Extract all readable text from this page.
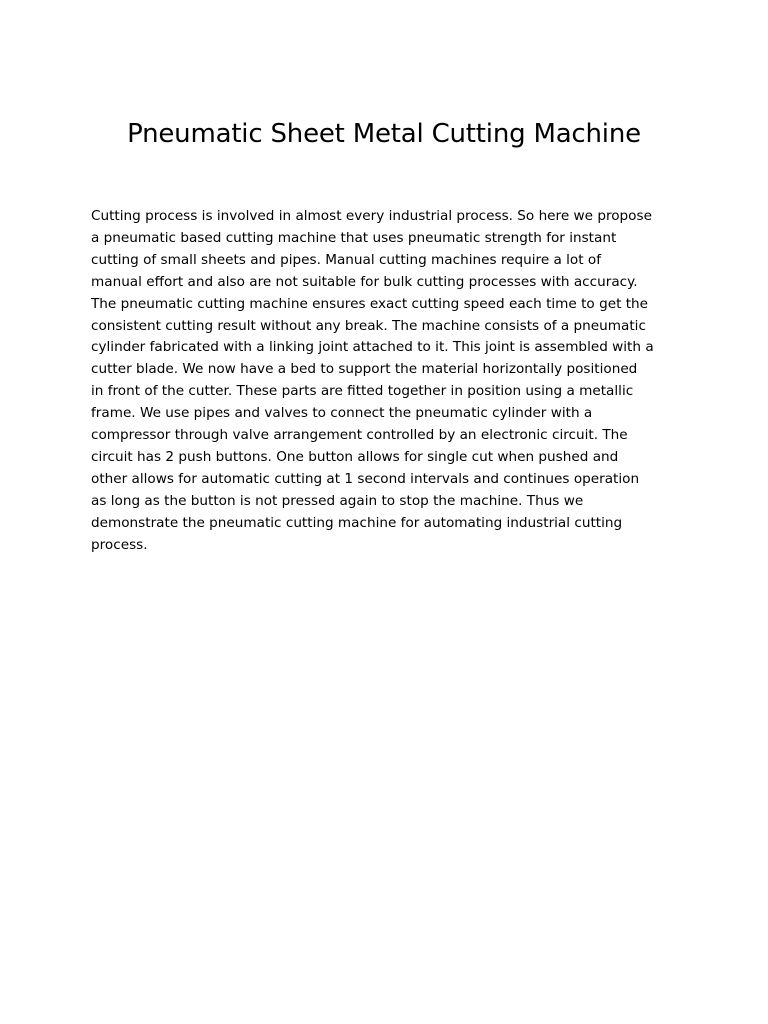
Pneumatic Sheet Metal Cutting Machine

Cutting process is involved in almost every industrial process. So here we propose
a pneumatic based cutting machine that uses pneumatic strength for instant
cutting of small sheets and pipes. Manual cutting machines require a lot of
manual effort and also are not suitable for bulk cutting processes with accuracy.
The pneumatic cutting machine ensures exact cutting speed each time to get the
consistent cutting result without any break. The machine consists of a pneumatic
cylinder fabricated with a linking joint attached to it. This joint is assembled with a
cutter blade. We now have a bed to support the material horizontally positioned
in front of the cutter. These parts are fitted together in position using a metallic
frame. We use pipes and valves to connect the pneumatic cylinder with a
compressor through valve arrangement controlled by an electronic circuit. The
circuit has 2 push buttons. One button allows for single cut when pushed and
other allows for automatic cutting at 1 second intervals and continues operation
as long as the button is not pressed again to stop the machine. Thus we
demonstrate the pneumatic cutting machine for automating industrial cutting
process.
